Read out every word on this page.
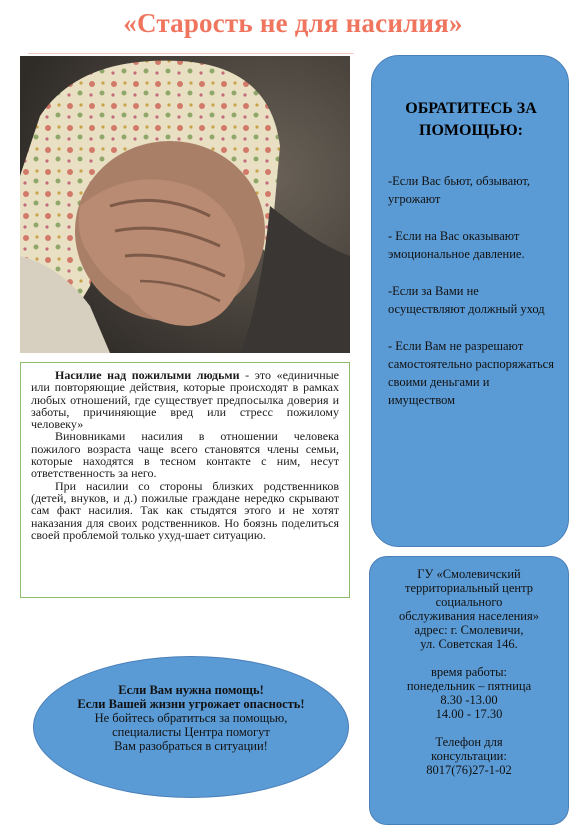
«Старость не для насилия»

Насилие над пожилыми людьми - это «единичные или повторяющие действия, которые происходят в рамках любых отношений, где существует предпосылка доверия и заботы, причиняющие вред или стресс пожилому человеку»

Виновниками насилия в отношении человека пожилого возраста чаще всего становятся члены семьи, которые находятся в тесном контакте с ним, несут ответственность за него.

При насилии со стороны близких родственников (детей, внуков, и д.) пожилые граждане нередко скрывают сам факт насилия. Так как стыдятся этого и не хотят наказания для своих родственников. Но боязнь поделиться своей проблемой только ухуд-шает ситуацию.

ОБРАТИТЕСЬ ЗА
ПОМОЩЬЮ:
-Если Вас бьют, обзывают, угрожают
- Если на Вас оказывают эмоциональное давление.
-Если за Вами не осуществляют должный уход
- Если Вам не разрешают самостоятельно распоряжаться своими деньгами и имуществом
ГУ «Смолевичский
территориальный центр
социального
обслуживания населения»
адрес: г. Смолевичи,
ул. Советская 146.
время работы:
понедельник – пятница
8.30 -13.00
14.00 - 17.30
Телефон для
консультации:
8017(76)27-1-02
Если Вам нужна помощь!
Если Вашей жизни угрожает опасность!
Не бойтесь обратиться за помощью,
специалисты Центра помогут
Вам разобраться в ситуации!
